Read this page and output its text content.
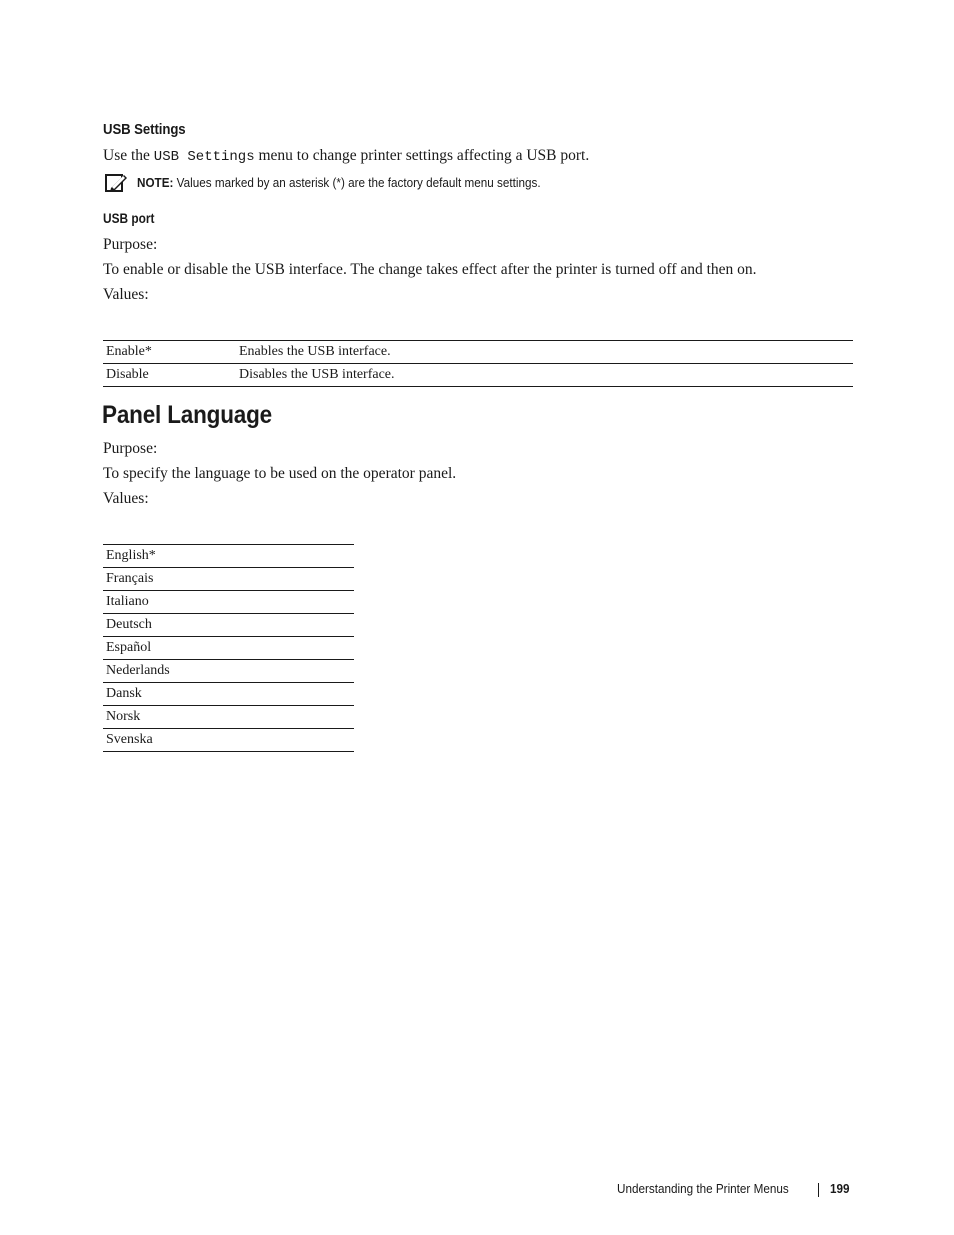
USB Settings
Use the USB Settings menu to change printer settings affecting a USB port.
NOTE: Values marked by an asterisk (*) are the factory default menu settings.
USB port
Purpose:
To enable or disable the USB interface. The change takes effect after the printer is turned off and then on.
Values:
Enable*	Enables the USB interface.
Disable	Disables the USB interface.
Panel Language
Purpose:
To specify the language to be used on the operator panel.
Values:
English*
Français
Italiano
Deutsch
Español
Nederlands
Dansk
Norsk
Svenska
Understanding the Printer Menus	199
